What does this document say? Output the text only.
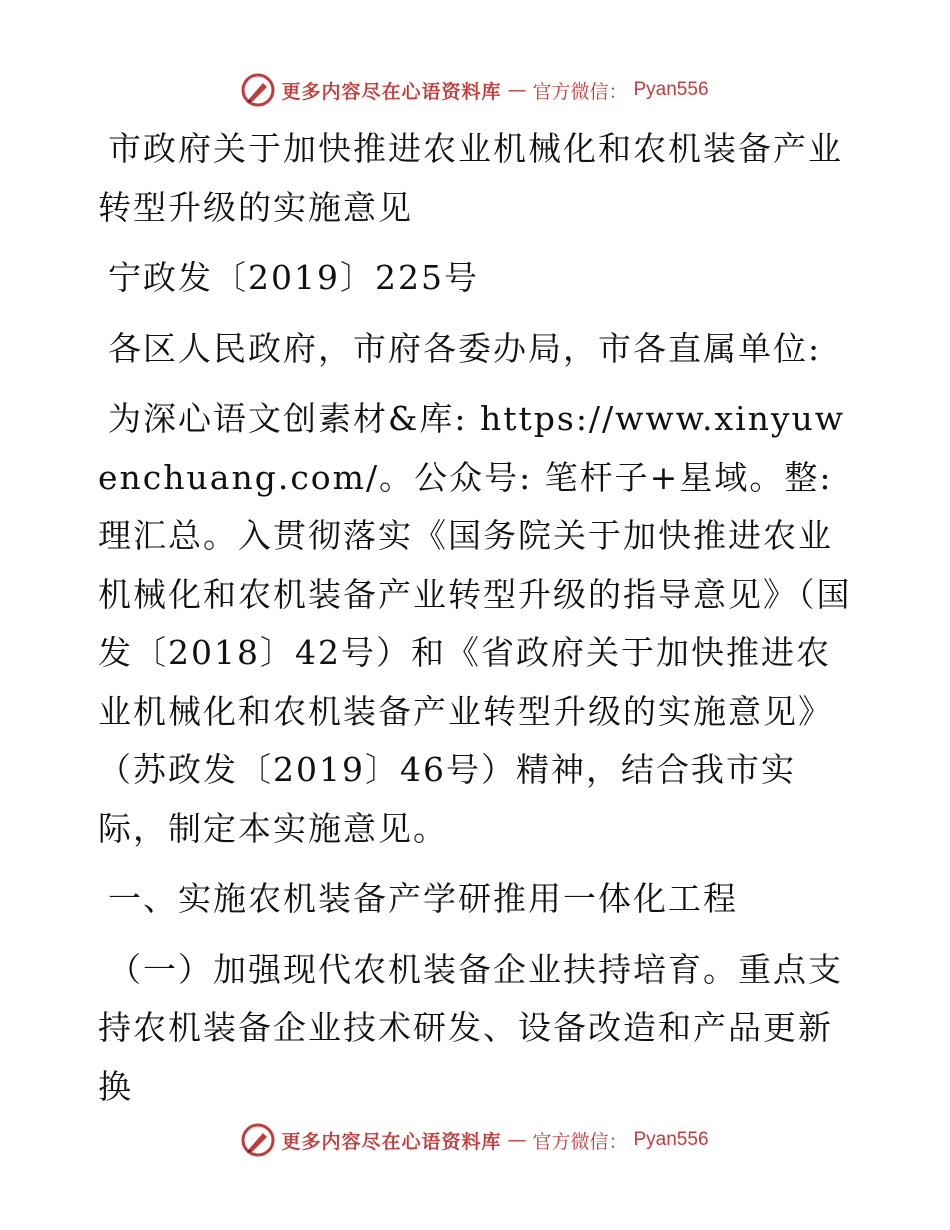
更多内容尽在心语资料库 — 官方微信： Pyan556

市政府关于加快推进农业机械化和农机装备产业转型升级的实施意见

宁政发〔2019〕225号

各区人民政府，市府各委办局，市各直属单位:

为深心语文创素材&库: https://www.xinyuwenchuang.com/。公众号: 笔杆子+星域。整:理汇总。入贯彻落实《国务院关于加快推进农业机械化和农机装备产业转型升级的指导意见》（国发〔2018〕42号）和《省政府关于加快推进农业机械化和农机装备产业转型升级的实施意见》（苏政发〔2019〕46号）精神，结合我市实际，制定本实施意见。

一、实施农机装备产学研推用一体化工程

（一）加强现代农机装备企业扶持培育。重点支持农机装备企业技术研发、设备改造和产品更新换

更多内容尽在心语资料库 — 官方微信： Pyan556
